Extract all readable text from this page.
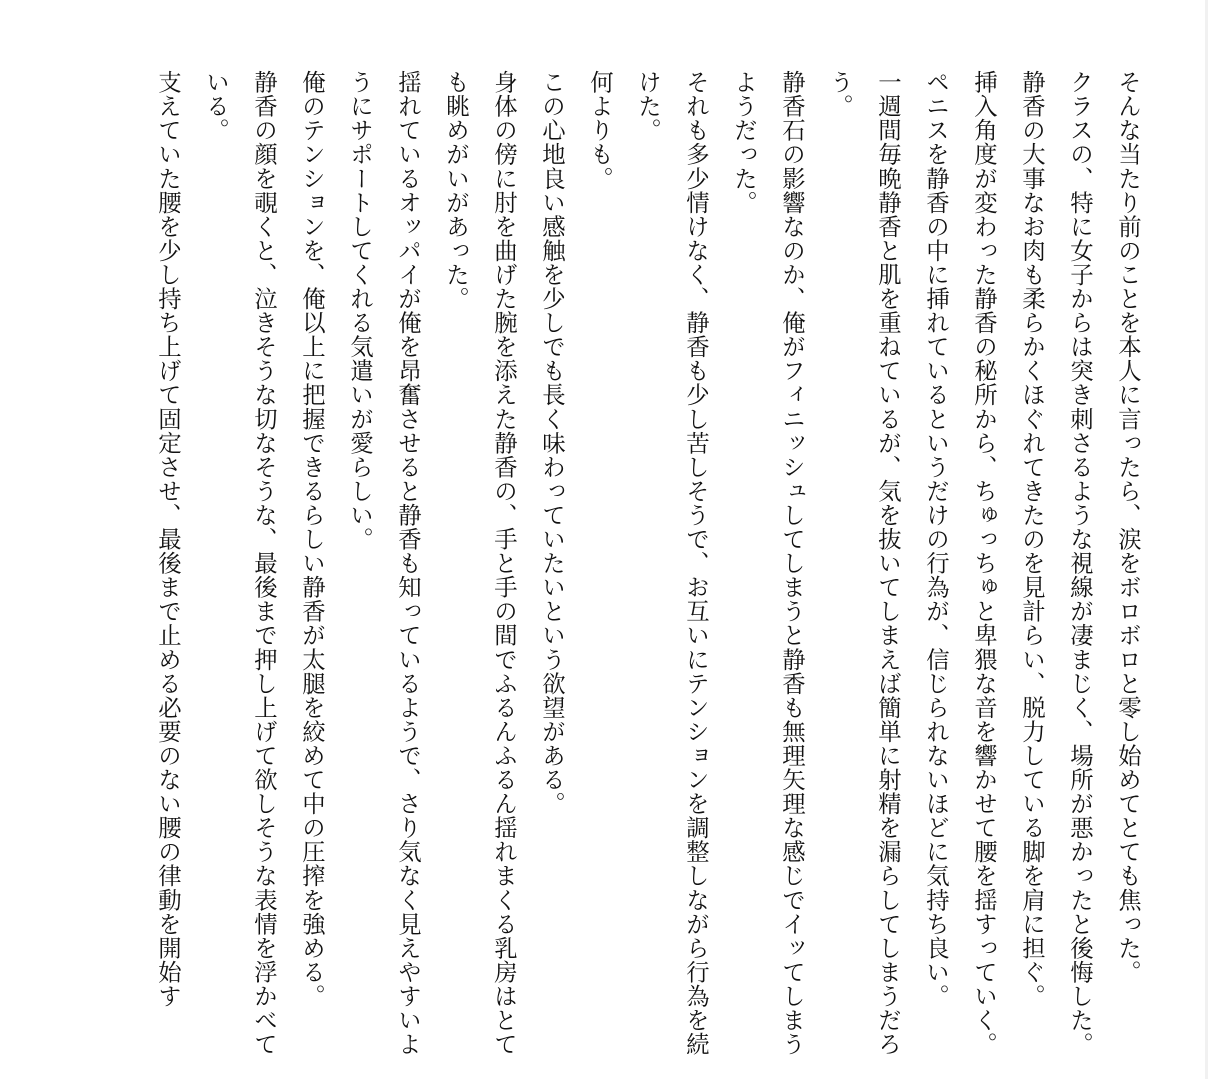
そんな当たり前のことを本人に言ったら、涙をボロボロと零し始めてとても焦った。

クラスの、特に女子からは突き刺さるような視線が凄まじく、場所が悪かったと後悔した。

静香の大事なお肉も柔らかくほぐれてきたのを見計らい、脱力している脚を肩に担ぐ。

挿入角度が変わった静香の秘所から、ちゅっちゅと卑猥な音を響かせて腰を揺すっていく。

ペニスを静香の中に挿れているというだけの行為が、信じられないほどに気持ち良い。

一週間毎晩静香と肌を重ねているが、気を抜いてしまえば簡単に射精を漏らしてしまうだろう。

静香石の影響なのか、俺がフィニッシュしてしまうと静香も無理矢理な感じでイッてしまうようだった。

それも多少情けなく、静香も少し苦しそうで、お互いにテンションを調整しながら行為を続けた。

何よりも。

この心地良い感触を少しでも長く味わっていたいという欲望がある。

身体の傍に肘を曲げた腕を添えた静香の、手と手の間でふるんふるん揺れまくる乳房はとても眺めがいがあった。

揺れているオッパイが俺を昂奮させると静香も知っているようで、さり気なく見えやすいようにサポートしてくれる気遣いが愛らしい。

俺のテンションを、俺以上に把握できるらしい静香が太腿を絞めて中の圧搾を強める。

静香の顔を覗くと、泣きそうな切なそうな、最後まで押し上げて欲しそうな表情を浮かべている。

支えていた腰を少し持ち上げて固定させ、最後まで止める必要のない腰の律動を開始す
